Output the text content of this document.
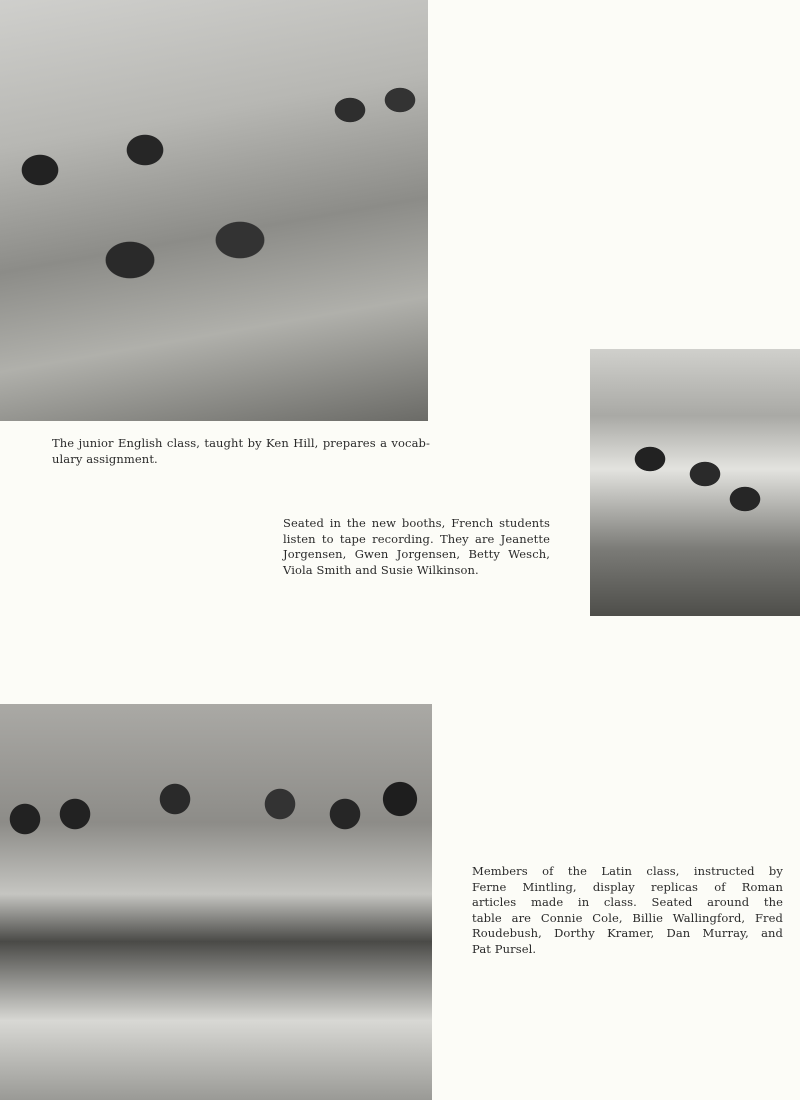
The junior English class, taught by Ken Hill, prepares a vocab-
ulary assignment.
Seated in the new booths, French students
listen to tape recording. They are Jeanette
Jorgensen, Gwen Jorgensen, Betty Wesch,
Viola Smith and Susie Wilkinson.
Members of the Latin class, instructed by
Ferne Mintling, display replicas of Roman
articles made in class. Seated around the
table are Connie Cole, Billie Wallingford, Fred
Roudebush, Dorthy Kramer, Dan Murray, and
Pat Pursel.
